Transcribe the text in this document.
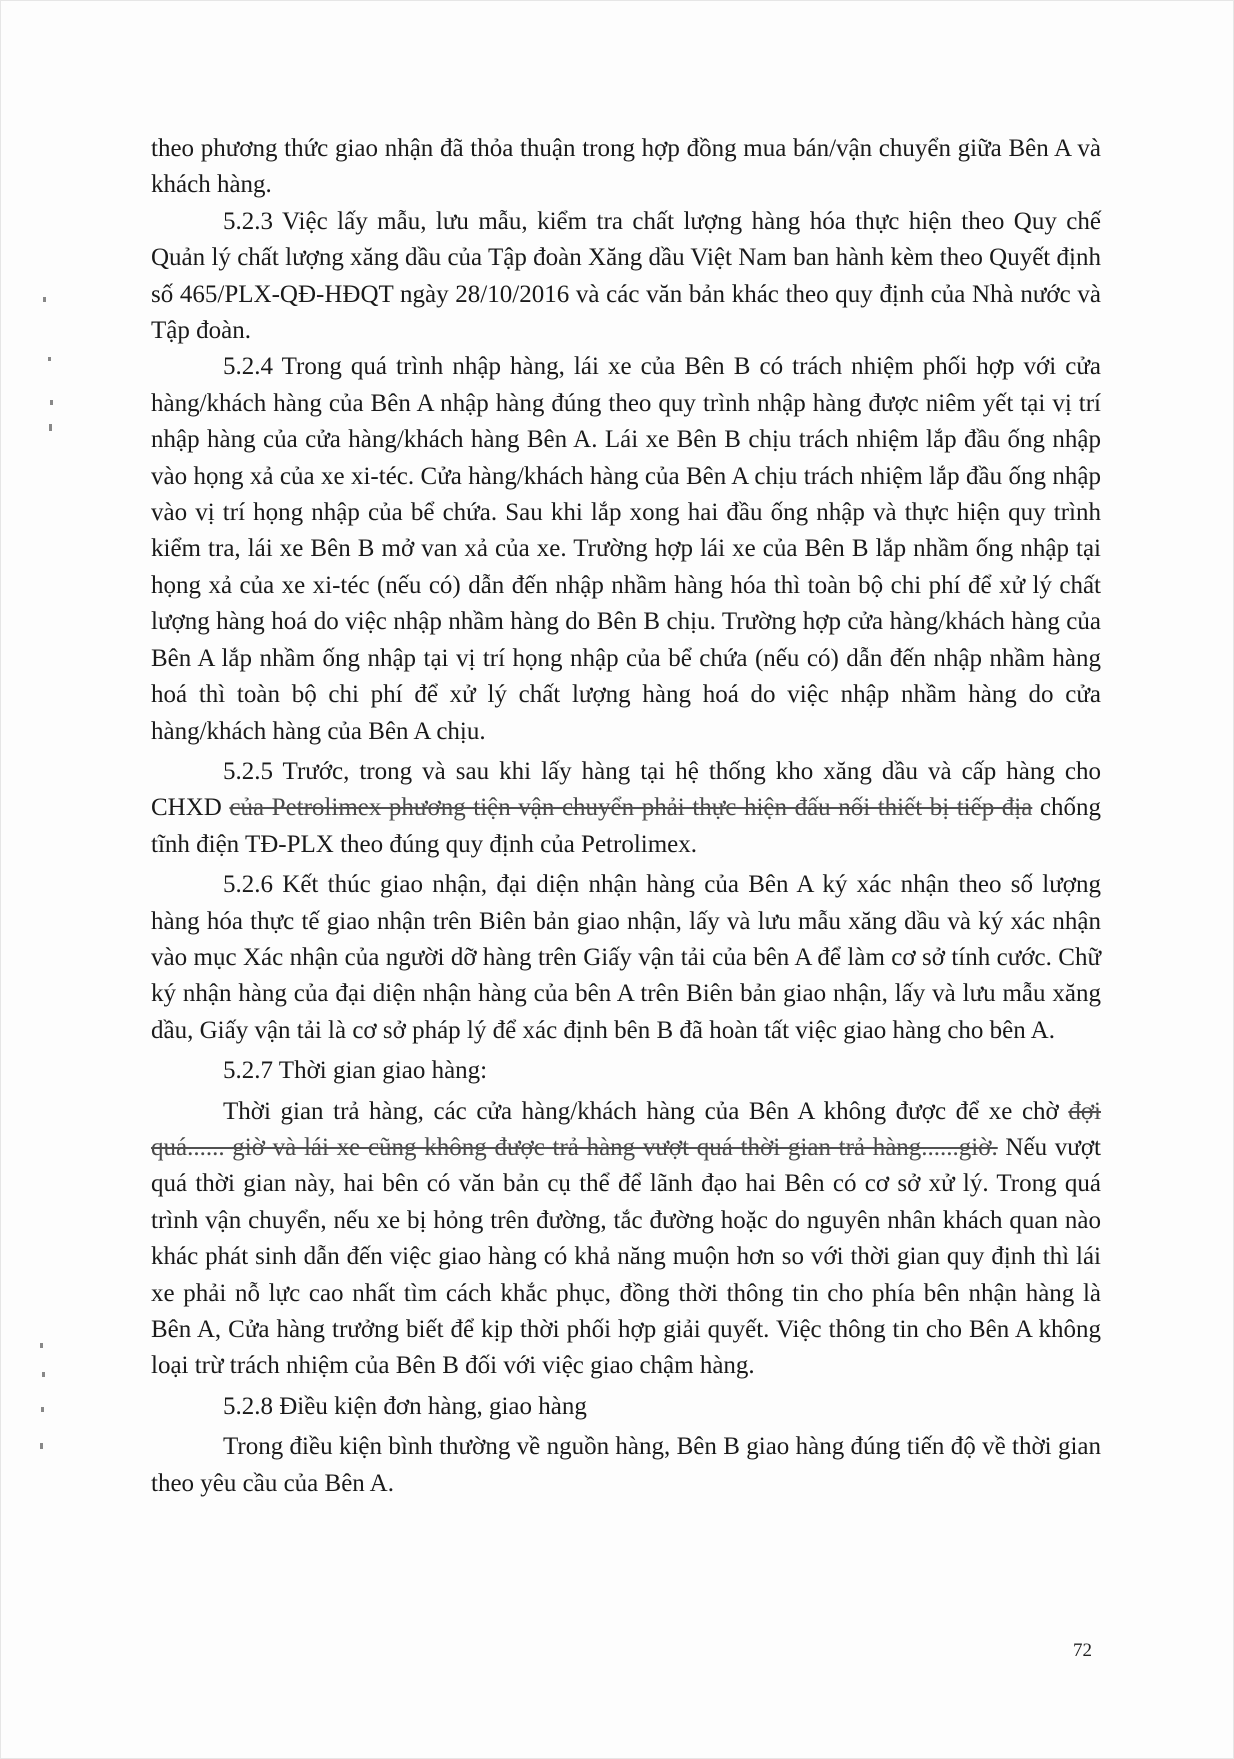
theo phương thức giao nhận đã thỏa thuận trong hợp đồng mua bán/vận chuyển giữa Bên A và khách hàng.

5.2.3 Việc lấy mẫu, lưu mẫu, kiểm tra chất lượng hàng hóa thực hiện theo Quy chế Quản lý chất lượng xăng dầu của Tập đoàn Xăng dầu Việt Nam ban hành kèm theo Quyết định số 465/PLX-QĐ-HĐQT ngày 28/10/2016 và các văn bản khác theo quy định của Nhà nước và Tập đoàn.

5.2.4 Trong quá trình nhập hàng, lái xe của Bên B có trách nhiệm phối hợp với cửa hàng/khách hàng của Bên A nhập hàng đúng theo quy trình nhập hàng được niêm yết tại vị trí nhập hàng của cửa hàng/khách hàng Bên A. Lái xe Bên B chịu trách nhiệm lắp đầu ống nhập vào họng xả của xe xi-téc. Cửa hàng/khách hàng của Bên A chịu trách nhiệm lắp đầu ống nhập vào vị trí họng nhập của bể chứa. Sau khi lắp xong hai đầu ống nhập và thực hiện quy trình kiểm tra, lái xe Bên B mở van xả của xe. Trường hợp lái xe của Bên B lắp nhầm ống nhập tại họng xả của xe xi-téc (nếu có) dẫn đến nhập nhầm hàng hóa thì toàn bộ chi phí để xử lý chất lượng hàng hoá do việc nhập nhầm hàng do Bên B chịu. Trường hợp cửa hàng/khách hàng của Bên A lắp nhầm ống nhập tại vị trí họng nhập của bể chứa (nếu có) dẫn đến nhập nhầm hàng hoá thì toàn bộ chi phí để xử lý chất lượng hàng hoá do việc nhập nhầm hàng do cửa hàng/khách hàng của Bên A chịu.

5.2.5 Trước, trong và sau khi lấy hàng tại hệ thống kho xăng dầu và cấp hàng cho CHXD của Petrolimex phương tiện vận chuyển phải thực hiện đấu nối thiết bị tiếp địa chống tĩnh điện TĐ-PLX theo đúng quy định của Petrolimex.

5.2.6 Kết thúc giao nhận, đại diện nhận hàng của Bên A ký xác nhận theo số lượng hàng hóa thực tế giao nhận trên Biên bản giao nhận, lấy và lưu mẫu xăng dầu và ký xác nhận vào mục Xác nhận của người dỡ hàng trên Giấy vận tải của bên A để làm cơ sở tính cước. Chữ ký nhận hàng của đại diện nhận hàng của bên A trên Biên bản giao nhận, lấy và lưu mẫu xăng dầu, Giấy vận tải là cơ sở pháp lý để xác định bên B đã hoàn tất việc giao hàng cho bên A.

5.2.7 Thời gian giao hàng:

Thời gian trả hàng, các cửa hàng/khách hàng của Bên A không được để xe chờ đợi quá...... giờ và lái xe cũng không được trả hàng vượt quá thời gian trả hàng......giờ. Nếu vượt quá thời gian này, hai bên có văn bản cụ thể để lãnh đạo hai Bên có cơ sở xử lý. Trong quá trình vận chuyển, nếu xe bị hỏng trên đường, tắc đường hoặc do nguyên nhân khách quan nào khác phát sinh dẫn đến việc giao hàng có khả năng muộn hơn so với thời gian quy định thì lái xe phải nỗ lực cao nhất tìm cách khắc phục, đồng thời thông tin cho phía bên nhận hàng là Bên A, Cửa hàng trưởng biết để kịp thời phối hợp giải quyết. Việc thông tin cho Bên A không loại trừ trách nhiệm của Bên B đối với việc giao chậm hàng.

5.2.8 Điều kiện đơn hàng, giao hàng

Trong điều kiện bình thường về nguồn hàng, Bên B giao hàng đúng tiến độ về thời gian theo yêu cầu của Bên A.

72
